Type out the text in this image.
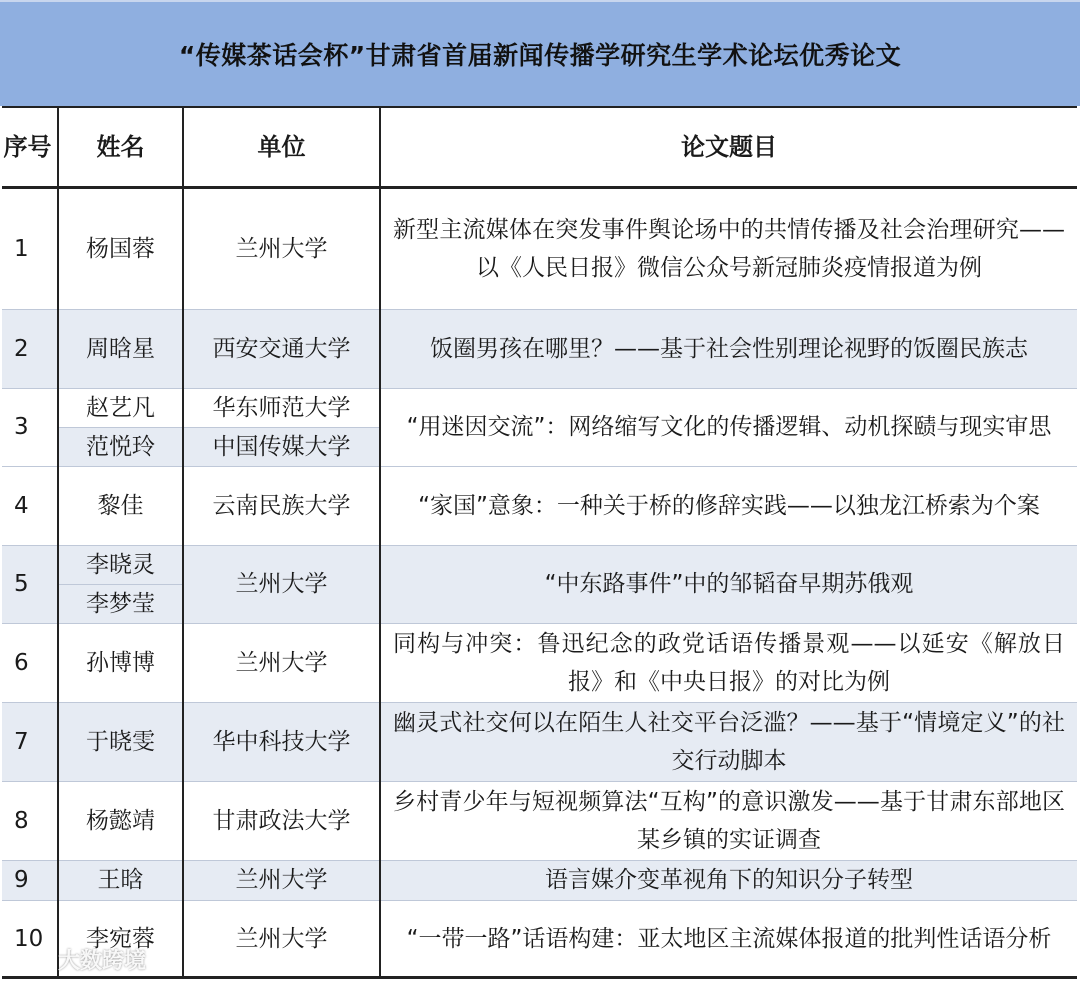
“传媒茶话会杯”甘肃省首届新闻传播学研究生学术论坛优秀论文
序号	姓名	单位	论文题目
1	杨国蓉	兰州大学	新型主流媒体在突发事件舆论场中的共情传播及社会治理研究——以《人民日报》微信公众号新冠肺炎疫情报道为例
2	周晗星	西安交通大学	饭圈男孩在哪里？——基于社会性别理论视野的饭圈民族志
3	赵艺凡	华东师范大学	“用迷因交流”：网络缩写文化的传播逻辑、动机探赜与现实审思
	范悦玲	中国传媒大学	
4	黎佳	云南民族大学	“家国”意象：一种关于桥的修辞实践——以独龙江桥索为个案
5	李晓灵	兰州大学	“中东路事件”中的邹韬奋早期苏俄观
	李梦莹		
6	孙博博	兰州大学	同构与冲突：鲁迅纪念的政党话语传播景观——以延安《解放日报》和《中央日报》的对比为例
7	于晓雯	华中科技大学	幽灵式社交何以在陌生人社交平台泛滥？——基于“情境定义”的社交行动脚本
8	杨懿靖	甘肃政法大学	乡村青少年与短视频算法“互构”的意识激发——基于甘肃东部地区某乡镇的实证调查
9	王晗	兰州大学	语言媒介变革视角下的知识分子转型
10	李宛蓉	兰州大学	“一带一路”话语构建：亚太地区主流媒体报道的批判性话语分析
大数跨境
